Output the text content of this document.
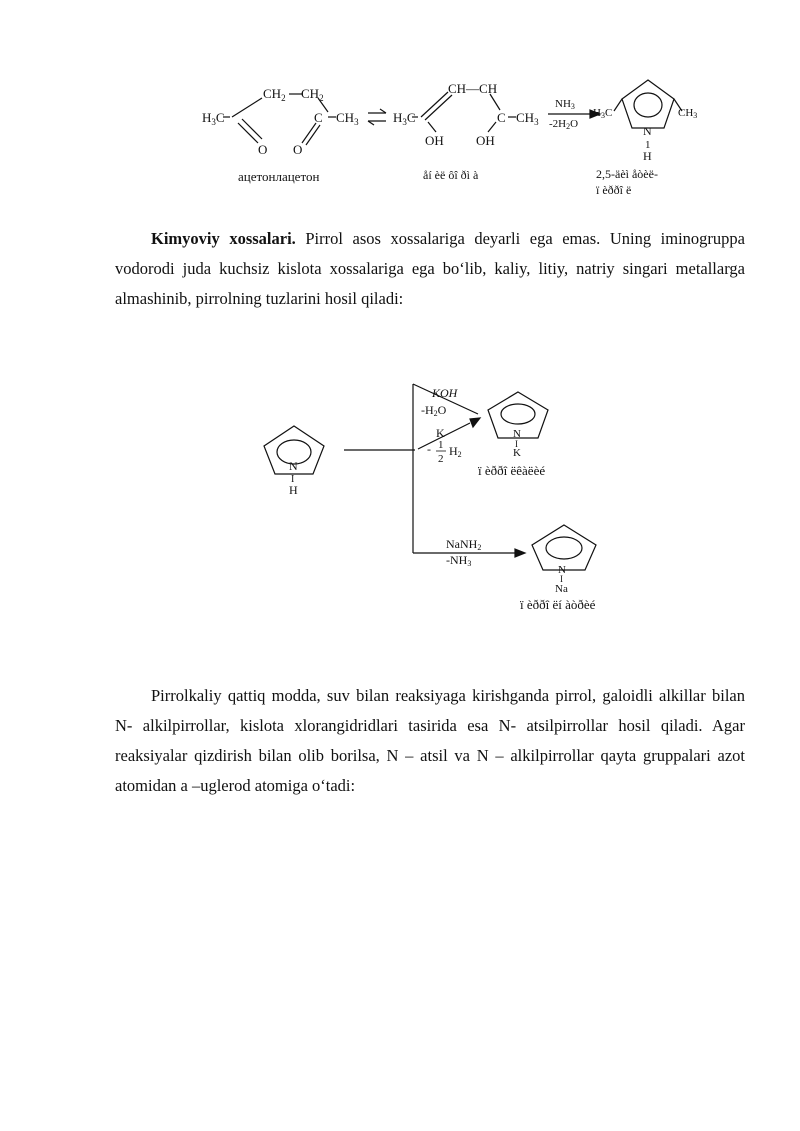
$H_3C$
$CH_2$ $CH_2$
C $CH_3$
O O
CH—CH
$H_3C$	C $CH_3$
OH OH
NH3
-2H2O
H3C	CH3
N
1
H
ацетонлацетон	åí èë ôî ðì à	2,5-äèì åòèë-
ï èððî ë

Kimyoviy xossalari. Pirrol asos xossalariga deyarli ega emas. Uning iminogruppa vodorodi juda kuchsiz kislota xossalariga ega bo‘lib, kaliy, litiy, natriy singari metallarga almashinib, pirrolning tuzlarini hosil qiladi:

N
I
H
KOH
-H2O
K
- 1
2
H2
N
I
K
ï èððî ëêàëèé
NaNH2
-NH3
N
I
Na
ï èððî ëí àòðèé

Pirrolkaliy qattiq modda, suv bilan reaksiyaga kirishganda pirrol, galoidli alkillar bilan N- alkilpirrollar, kislota xlorangidridlari tasirida esa N- atsilpirrollar hosil qiladi. Agar reaksiyalar qizdirish bilan olib borilsa, N – atsil va N – alkilpirrollar qayta gruppalari azot atomidan a –uglerod atomiga o‘tadi:
